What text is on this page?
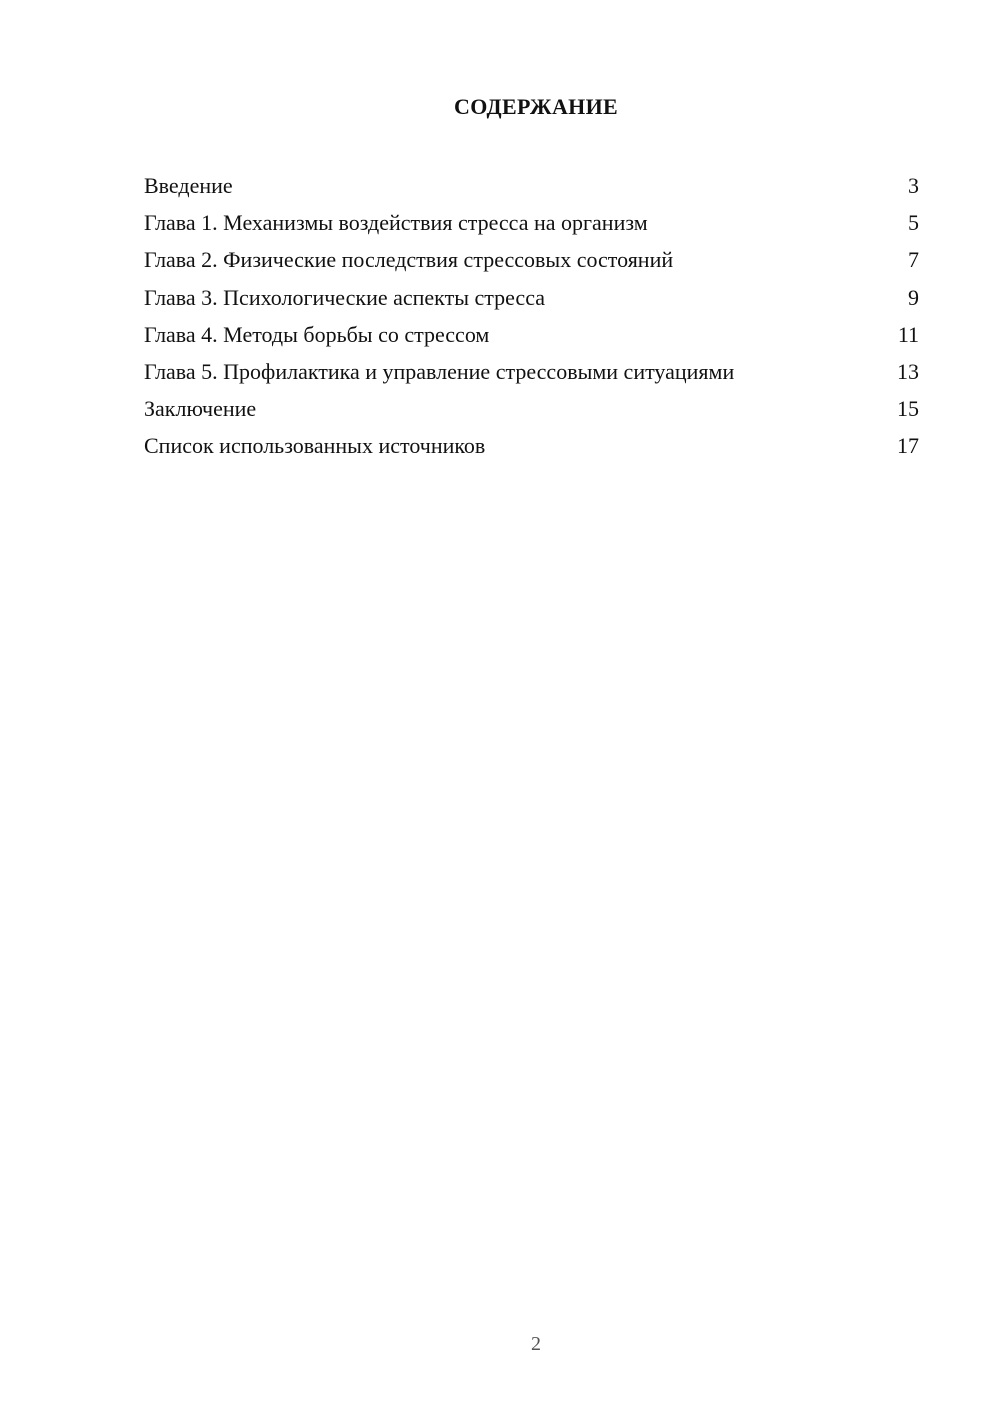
СОДЕРЖАНИЕ
Введение	3
Глава 1. Механизмы воздействия стресса на организм	5
Глава 2. Физические последствия стрессовых состояний	7
Глава 3. Психологические аспекты стресса	9
Глава 4. Методы борьбы со стрессом	11
Глава 5. Профилактика и управление стрессовыми ситуациями	13
Заключение	15
Список использованных источников	17
2
